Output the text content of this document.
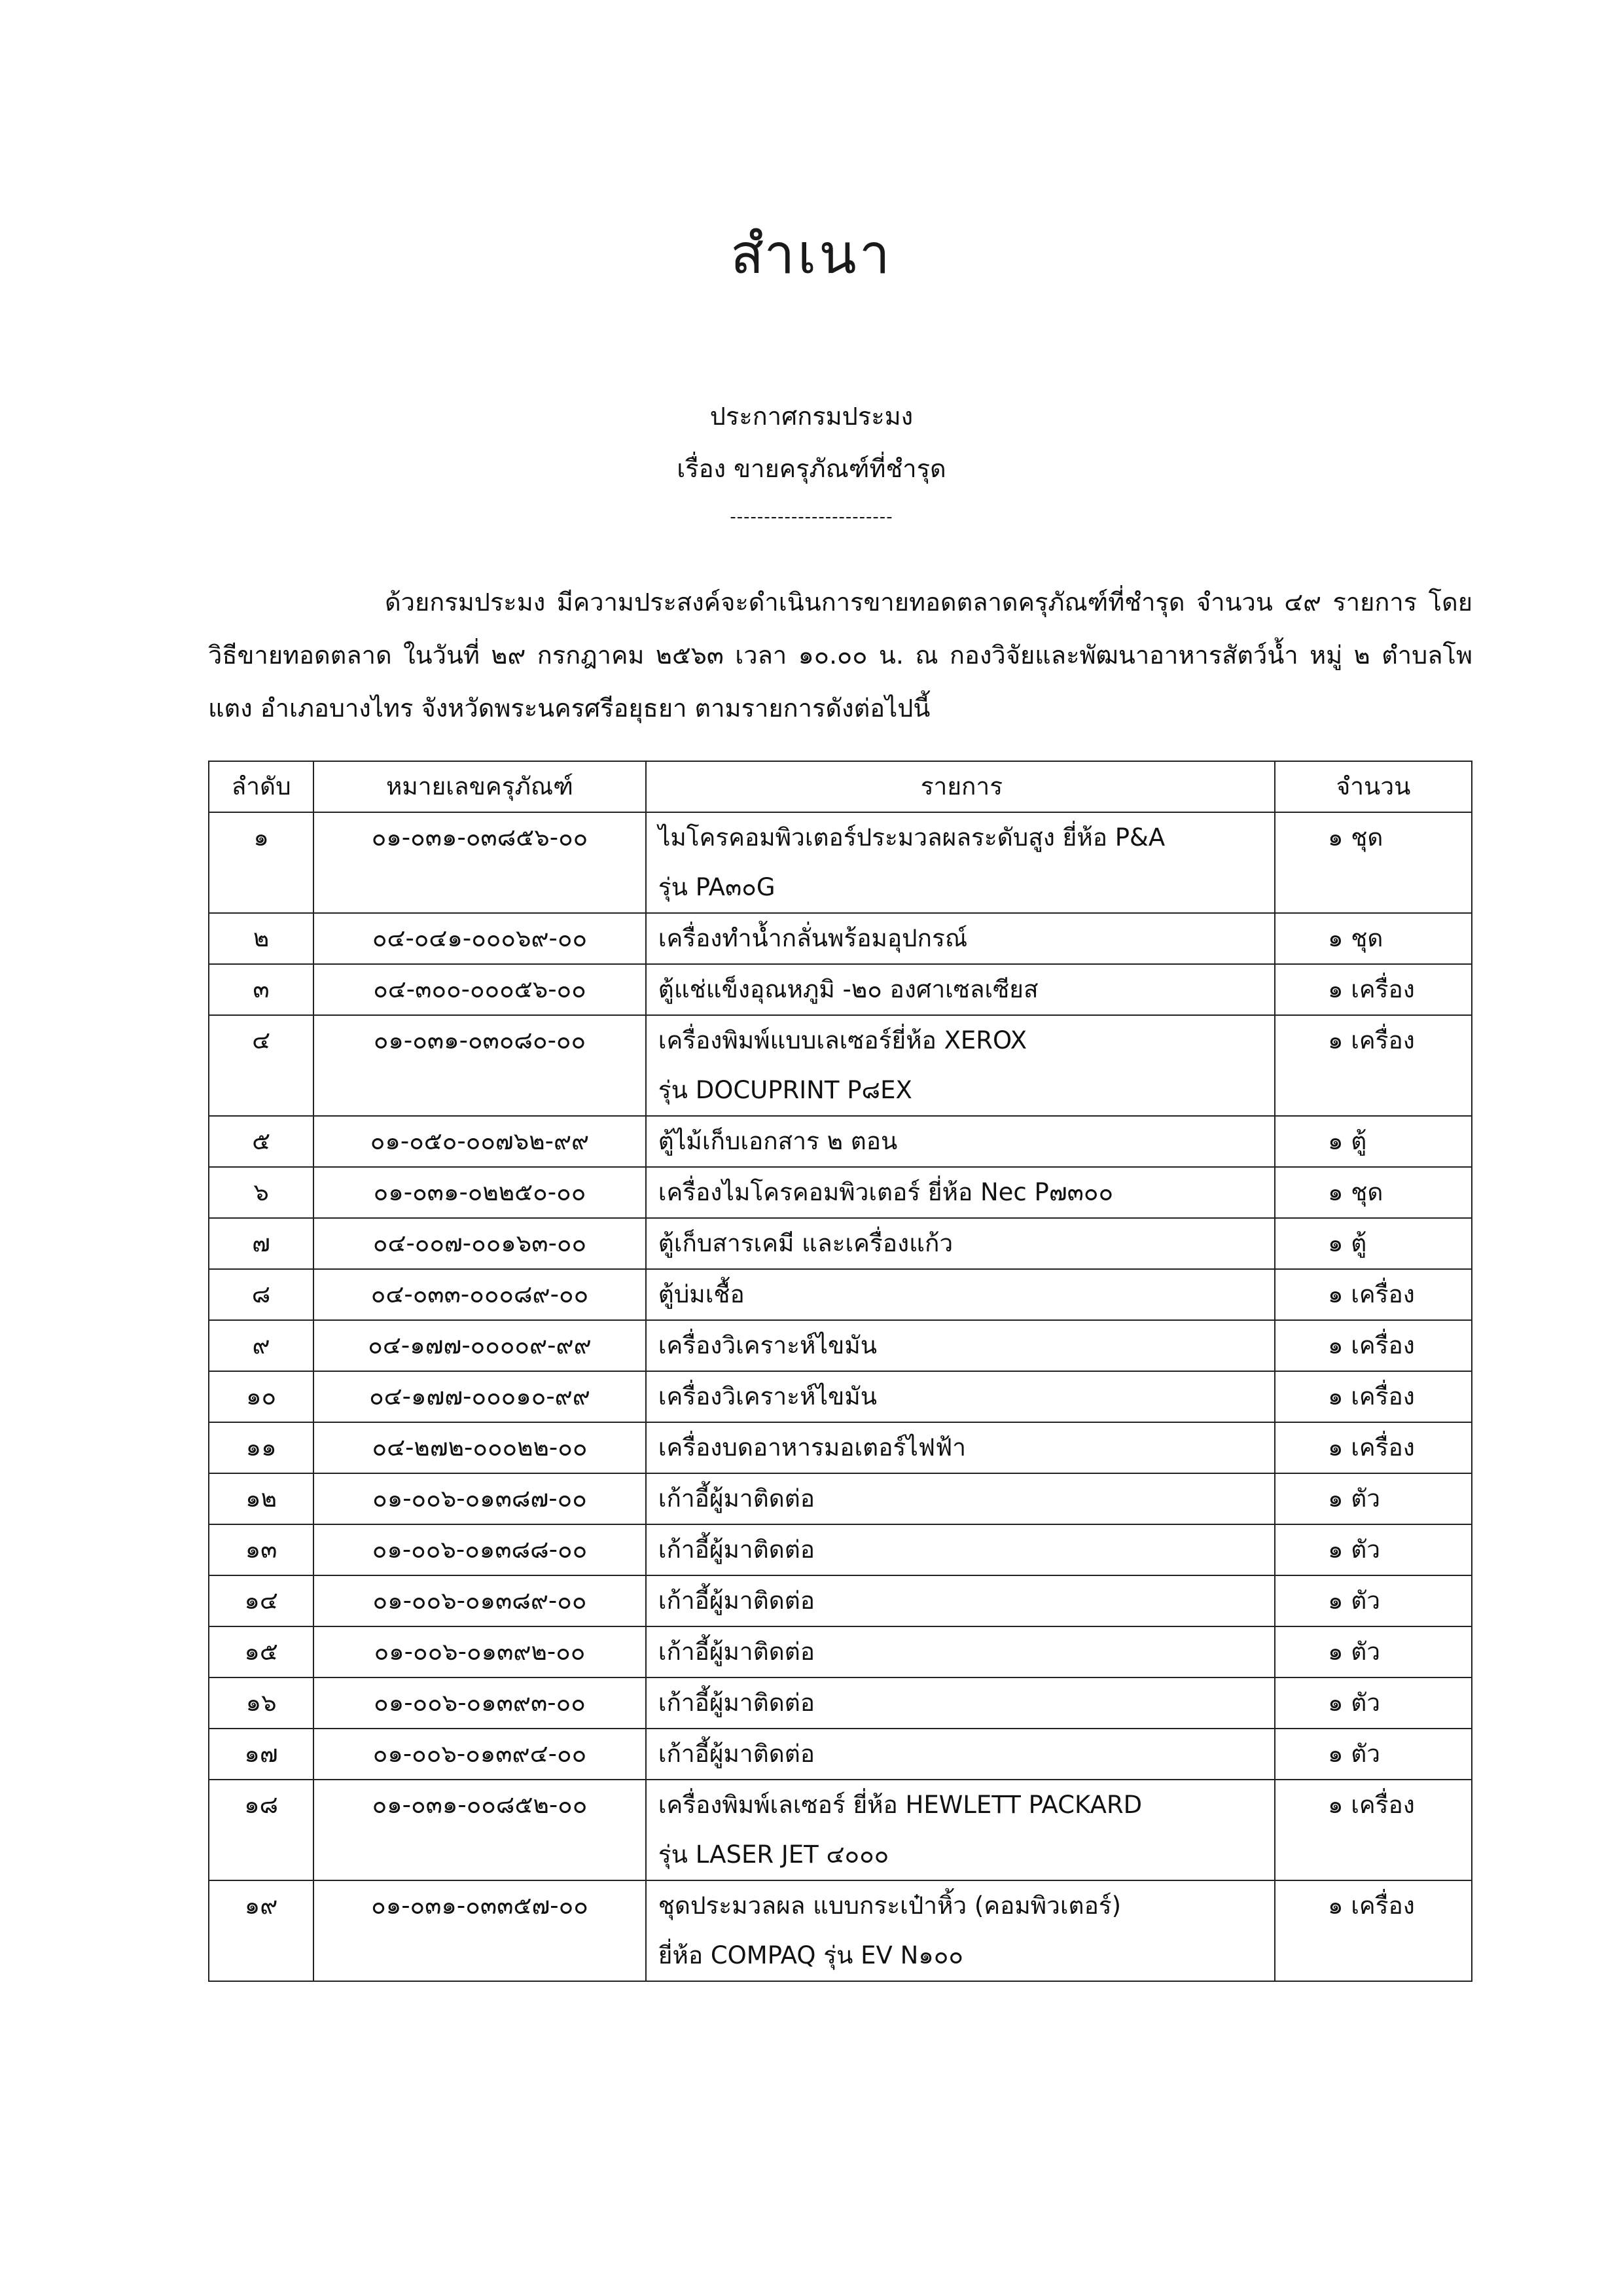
สำเนา
ประกาศกรมประมง
เรื่อง ขายครุภัณฑ์ที่ชำรุด
------------------------
ด้วยกรมประมง มีความประสงค์จะดำเนินการขายทอดตลาดครุภัณฑ์ที่ชำรุด จำนวน ๔๙ รายการ โดยวิธีขายทอดตลาด ในวันที่ ๒๙ กรกฎาคม ๒๕๖๓ เวลา ๑๐.๐๐ น. ณ กองวิจัยและพัฒนาอาหารสัตว์น้ำ หมู่ ๒ ตำบลโพแตง อำเภอบางไทร จังหวัดพระนครศรีอยุธยา ตามรายการดังต่อไปนี้
ลำดับ	หมายเลขครุภัณฑ์	รายการ	จำนวน
๑	๐๑-๐๓๑-๐๓๘๕๖-๐๐	ไมโครคอมพิวเตอร์ประมวลผลระดับสูง ยี่ห้อ P&A
รุ่น PA๓๐G	๑ ชุด
๒	๐๔-๐๔๑-๐๐๐๖๙-๐๐	เครื่องทำน้ำกลั่นพร้อมอุปกรณ์	๑ ชุด
๓	๐๔-๓๐๐-๐๐๐๕๖-๐๐	ตู้แช่แข็งอุณหภูมิ -๒๐ องศาเซลเซียส	๑ เครื่อง
๔	๐๑-๐๓๑-๐๓๐๘๐-๐๐	เครื่องพิมพ์แบบเลเซอร์ยี่ห้อ XEROX
รุ่น DOCUPRINT P๘EX	๑ เครื่อง
๕	๐๑-๐๕๐-๐๐๗๖๒-๙๙	ตู้ไม้เก็บเอกสาร ๒ ตอน	๑ ตู้
๖	๐๑-๐๓๑-๐๒๒๕๐-๐๐	เครื่องไมโครคอมพิวเตอร์ ยี่ห้อ Nec P๗๓๐๐	๑ ชุด
๗	๐๔-๐๐๗-๐๐๑๖๓-๐๐	ตู้เก็บสารเคมี และเครื่องแก้ว	๑ ตู้
๘	๐๔-๐๓๓-๐๐๐๘๙-๐๐	ตู้บ่มเชื้อ	๑ เครื่อง
๙	๐๔-๑๗๗-๐๐๐๐๙-๙๙	เครื่องวิเคราะห์ไขมัน	๑ เครื่อง
๑๐	๐๔-๑๗๗-๐๐๐๑๐-๙๙	เครื่องวิเคราะห์ไขมัน	๑ เครื่อง
๑๑	๐๔-๒๗๒-๐๐๐๒๒-๐๐	เครื่องบดอาหารมอเตอร์ไฟฟ้า	๑ เครื่อง
๑๒	๐๑-๐๐๖-๐๑๓๘๗-๐๐	เก้าอี้ผู้มาติดต่อ	๑ ตัว
๑๓	๐๑-๐๐๖-๐๑๓๘๘-๐๐	เก้าอี้ผู้มาติดต่อ	๑ ตัว
๑๔	๐๑-๐๐๖-๐๑๓๘๙-๐๐	เก้าอี้ผู้มาติดต่อ	๑ ตัว
๑๕	๐๑-๐๐๖-๐๑๓๙๒-๐๐	เก้าอี้ผู้มาติดต่อ	๑ ตัว
๑๖	๐๑-๐๐๖-๐๑๓๙๓-๐๐	เก้าอี้ผู้มาติดต่อ	๑ ตัว
๑๗	๐๑-๐๐๖-๐๑๓๙๔-๐๐	เก้าอี้ผู้มาติดต่อ	๑ ตัว
๑๘	๐๑-๐๓๑-๐๐๘๕๒-๐๐	เครื่องพิมพ์เลเซอร์ ยี่ห้อ HEWLETT PACKARD
รุ่น LASER JET ๔๐๐๐	๑ เครื่อง
๑๙	๐๑-๐๓๑-๐๓๓๕๗-๐๐	ชุดประมวลผล แบบกระเป๋าหิ้ว (คอมพิวเตอร์)
ยี่ห้อ COMPAQ รุ่น EV N๑๐๐	๑ เครื่อง
